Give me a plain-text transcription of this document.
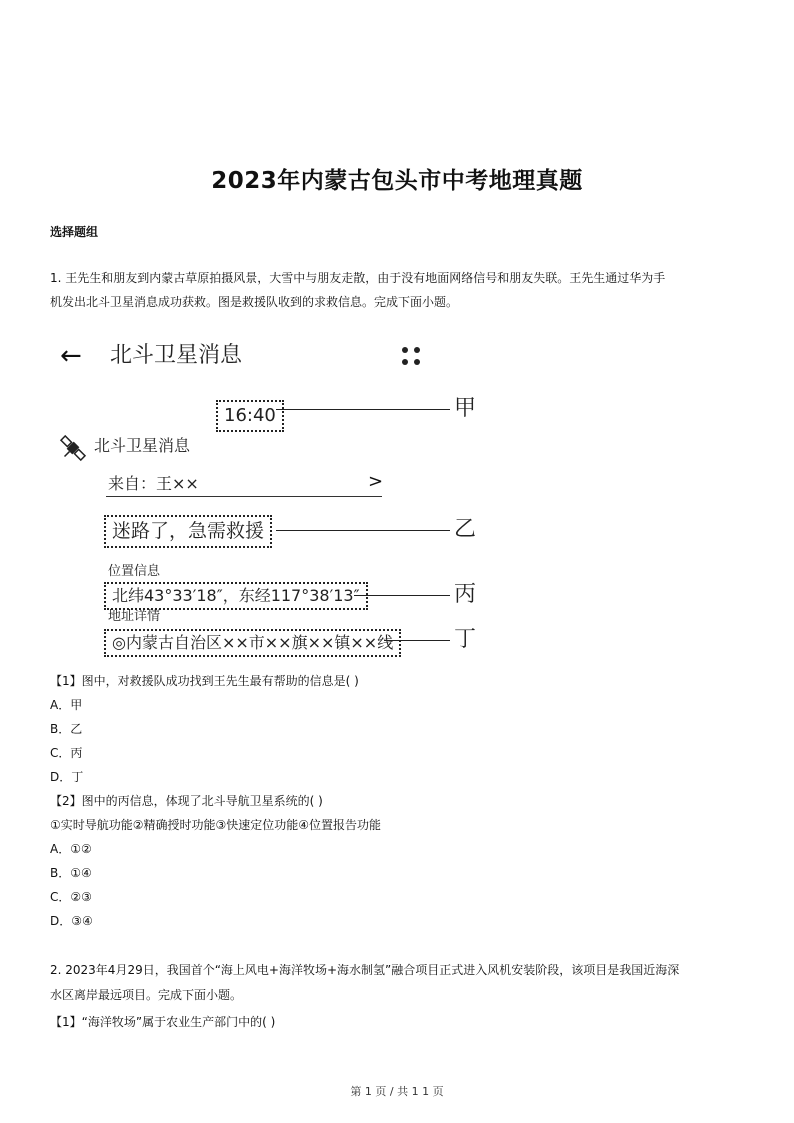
2023年内蒙古包头市中考地理真题
选择题组
1. 王先生和朋友到内蒙古草原拍摄风景，大雪中与朋友走散，由于没有地面网络信号和朋友失联。王先生通过华为手
机发出北斗卫星消息成功获救。图是救援队收到的求救信息。完成下面小题。
← 北斗卫星消息
16:40	甲
北斗卫星消息
来自：王××	>
迷路了，急需救援	乙
位置信息
北纬43°33′18″，东经117°38′13″	丙
地址详情
◎内蒙古自治区××市××旗××镇××线	丁
【1】图中，对救援队成功找到王先生最有帮助的信息是( )
A．甲
B．乙
C．丙
D．丁
【2】图中的丙信息，体现了北斗导航卫星系统的( )
①实时导航功能②精确授时功能③快速定位功能④位置报告功能
A．①②
B．①④
C．②③
D．③④
2. 2023年4月29日，我国首个“海上风电+海洋牧场+海水制氢”融合项目正式进入风机安装阶段，该项目是我国近海深
水区离岸最远项目。完成下面小题。
【1】“海洋牧场”属于农业生产部门中的( )
第 1 页 / 共 1 1 页
